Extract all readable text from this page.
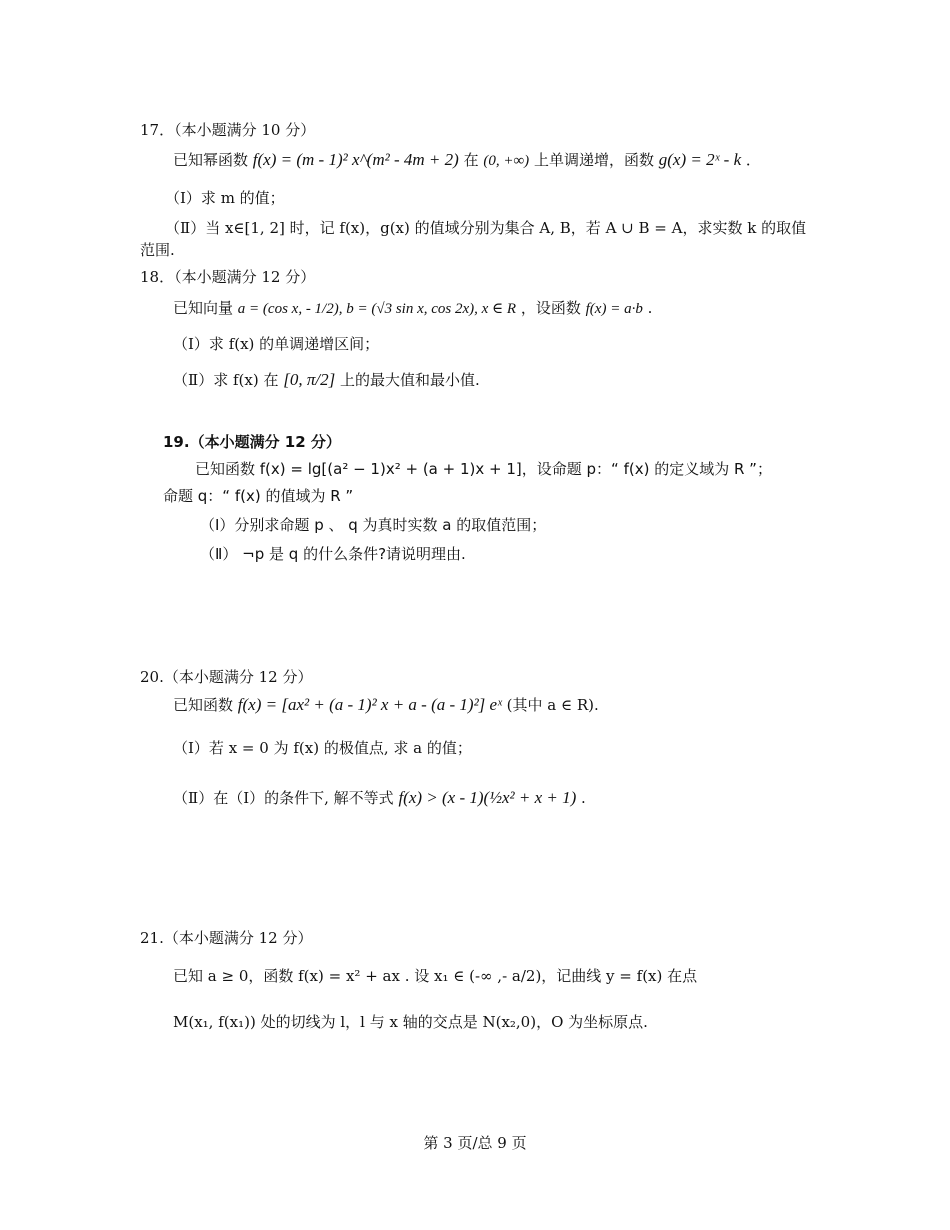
17．（本小题满分 10 分）
已知幂函数 f(x) = (m - 1)² x^(m² - 4m + 2) 在 (0, +∞) 上单调递增，函数 g(x) = 2ˣ - k ．
（Ⅰ）求 m 的值；
（Ⅱ）当 x∈[1, 2] 时，记 f(x)，g(x) 的值域分别为集合 A, B，若 A ∪ B = A，求实数 k 的取值
范围.
18．（本小题满分 12 分）
已知向量 a = (cos x, - 1/2), b = (√3 sin x, cos 2x), x ∈ R ，设函数 f(x) = a·b .
（Ⅰ）求 f(x) 的单调递增区间；
（Ⅱ）求 f(x) 在 [0, π/2] 上的最大值和最小值.
19.（本小题满分 12 分）
已知函数 f(x) = lg[(a² − 1)x² + (a + 1)x + 1]，设命题 p：“ f(x) 的定义域为 R ”；
命题 q：“ f(x) 的值域为 R ”
（Ⅰ）分别求命题 p 、 q 为真时实数 a 的取值范围；
（Ⅱ） ¬p 是 q 的什么条件?请说明理由.
20.（本小题满分 12 分）
已知函数 f(x) = [ax² + (a - 1)² x + a - (a - 1)²] eˣ (其中 a ∈ R).
（Ⅰ）若 x = 0 为 f(x) 的极值点, 求 a 的值；
（Ⅱ）在（Ⅰ）的条件下, 解不等式 f(x) > (x - 1)(½x² + x + 1) .
21.（本小题满分 12 分）
已知 a ≥ 0，函数 f(x) = x² + ax . 设 x₁ ∈ (-∞ ,- a/2)，记曲线 y = f(x) 在点
M(x₁, f(x₁)) 处的切线为 l，l 与 x 轴的交点是 N(x₂,0)，O 为坐标原点.
第 3 页/总 9 页
